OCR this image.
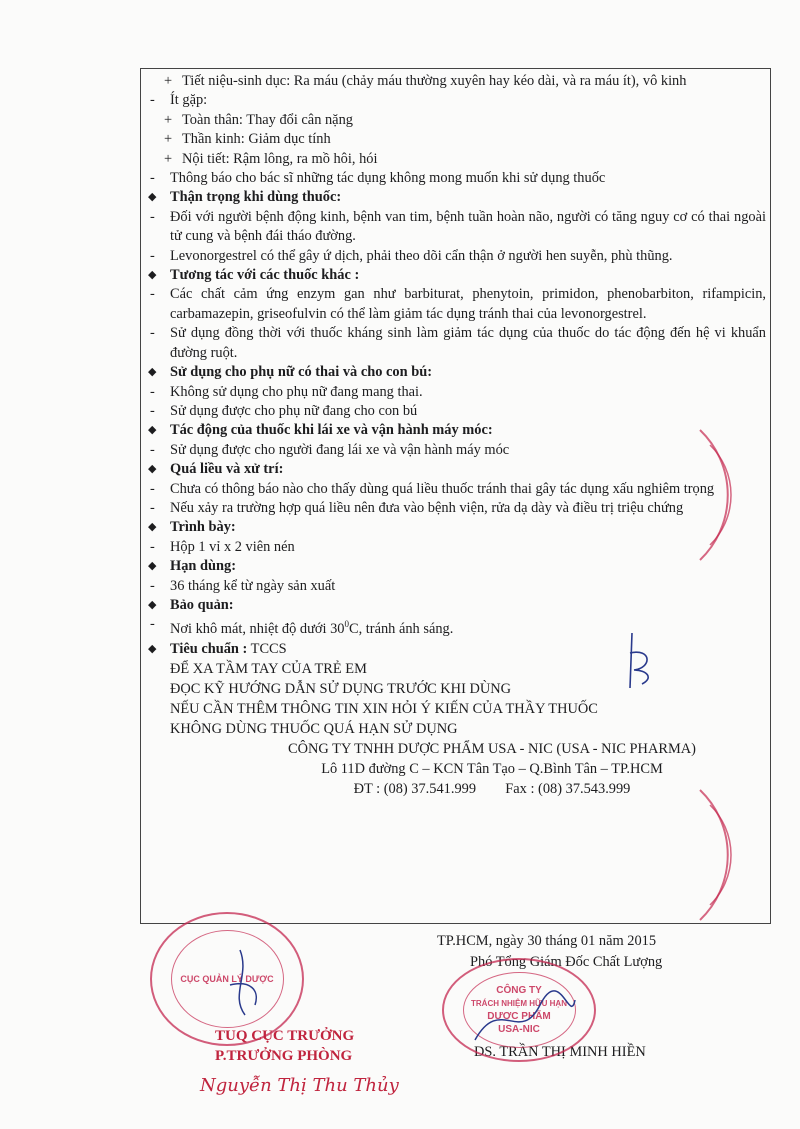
+ Tiết niệu-sinh dục: Ra máu (chảy máu thường xuyên hay kéo dài, và ra máu ít), vô kinh
- Ít gặp:
+ Toàn thân: Thay đổi cân nặng
+ Thần kinh: Giảm dục tính
+ Nội tiết: Rậm lông, ra mồ hôi, hói
- Thông báo cho bác sĩ những tác dụng không mong muốn khi sử dụng thuốc
◆ Thận trọng khi dùng thuốc:
- Đối với người bệnh động kinh, bệnh van tim, bệnh tuần hoàn não, người có tăng nguy cơ có thai ngoài tử cung và bệnh đái tháo đường.
- Levonorgestrel có thể gây ứ dịch, phải theo dõi cẩn thận ở người hen suyễn, phù thũng.
◆ Tương tác với các thuốc khác :
- Các chất cảm ứng enzym gan như barbiturat, phenytoin, primidon, phenobarbiton, rifampicin, carbamazepin, griseofulvin có thể làm giảm tác dụng tránh thai của levonorgestrel.
- Sử dụng đồng thời với thuốc kháng sinh làm giảm tác dụng của thuốc do tác động đến hệ vi khuẩn đường ruột.
◆ Sử dụng cho phụ nữ có thai và cho con bú:
- Không sử dụng cho phụ nữ đang mang thai.
- Sử dụng được cho phụ nữ đang cho con bú
◆ Tác động của thuốc khi lái xe và vận hành máy móc:
- Sử dụng được cho người đang lái xe và vận hành máy móc
◆ Quá liều và xử trí:
- Chưa có thông báo nào cho thấy dùng quá liều thuốc tránh thai gây tác dụng xấu nghiêm trọng
- Nếu xảy ra trường hợp quá liều nên đưa vào bệnh viện, rửa dạ dày và điều trị triệu chứng
◆ Trình bày:
- Hộp 1 vỉ x 2 viên nén
◆ Hạn dùng:
- 36 tháng kể từ ngày sản xuất
◆ Bảo quản:
- Nơi khô mát, nhiệt độ dưới $30^0C$, tránh ánh sáng.
◆ Tiêu chuẩn : TCCS
ĐỂ XA TẦM TAY CỦA TRẺ EM
ĐỌC KỸ HƯỚNG DẪN SỬ DỤNG TRƯỚC KHI DÙNG
NẾU CẦN THÊM THÔNG TIN XIN HỎI Ý KIẾN CỦA THẦY THUỐC
KHÔNG DÙNG THUỐC QUÁ HẠN SỬ DỤNG
CÔNG TY TNHH DƯỢC PHẨM USA - NIC (USA - NIC PHARMA)
Lô 11D đường C – KCN Tân Tạo – Q.Bình Tân – TP.HCM
ĐT : (08) 37.541.999 Fax : (08) 37.543.999
TP.HCM, ngày 30 tháng 01 năm 2015
Phó Tổng Giám Đốc Chất Lượng
DS. TRẦN THỊ MINH HIỀN
CÔNG TY
TRÁCH NHIỆM HỮU HẠN
DƯỢC PHẨM
USA-NIC
CỤC QUẢN LÝ DƯỢC
TUQ CỤC TRƯỞNG
P.TRƯỞNG PHÒNG
Nguyễn Thị Thu Thủy
